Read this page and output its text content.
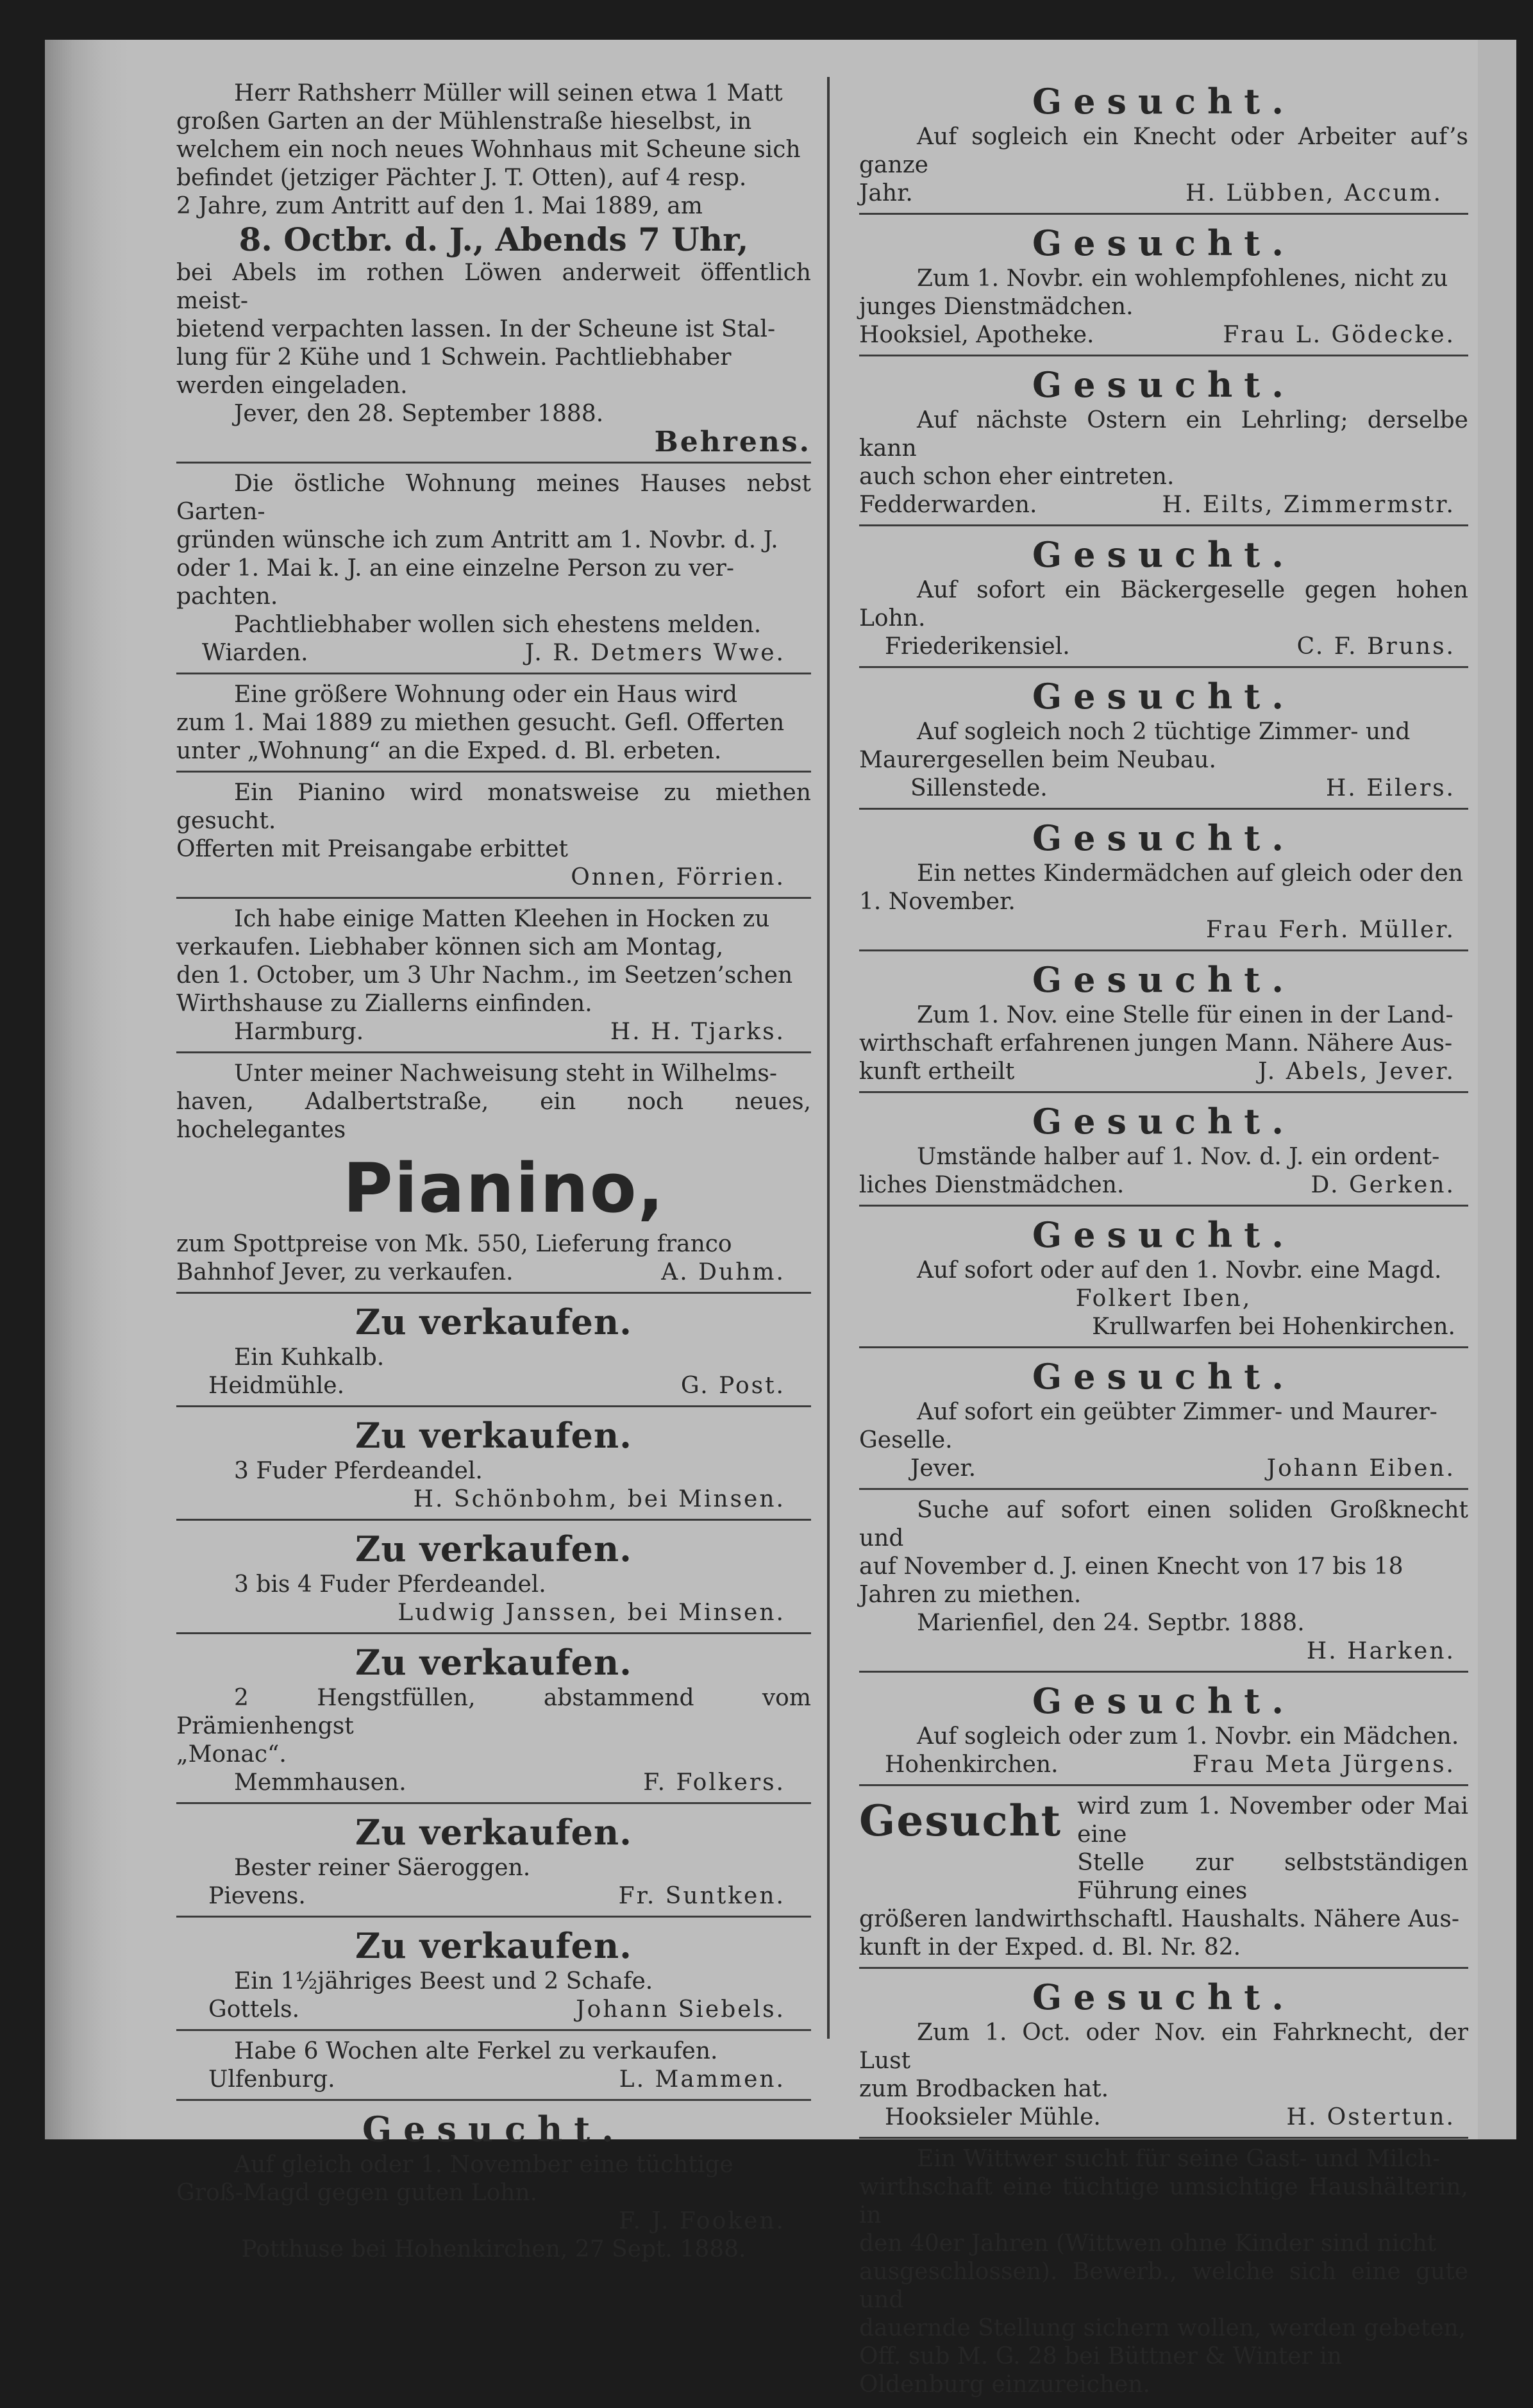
Herr Rathsherr Müller will seinen etwa 1 Matt

großen Garten an der Mühlenstraße hieselbst, in

welchem ein noch neues Wohnhaus mit Scheune sich

befindet (jetziger Pächter J. T. Otten), auf 4 resp.

2 Jahre, zum Antritt auf den 1. Mai 1889, am

8. Octbr. d. J., Abends 7 Uhr,

bei Abels im rothen Löwen anderweit öffentlich meist-

bietend verpachten lassen. In der Scheune ist Stal-

lung für 2 Kühe und 1 Schwein. Pachtliebhaber

werden eingeladen.

Jever, den 28. September 1888.

Behrens.

Die östliche Wohnung meines Hauses nebst Garten-

gründen wünsche ich zum Antritt am 1. Novbr. d. J.

oder 1. Mai k. J. an eine einzelne Person zu ver-

pachten.

Pachtliebhaber wollen sich ehestens melden.

Wiarden.	J. R. Detmers Wwe.

Eine größere Wohnung oder ein Haus wird

zum 1. Mai 1889 zu miethen gesucht. Gefl. Offerten

unter „Wohnung“ an die Exped. d. Bl. erbeten.

Ein Pianino wird monatsweise zu miethen gesucht.

Offerten mit Preisangabe erbittet

Onnen, Förrien.

Ich habe einige Matten Kleehen in Hocken zu

verkaufen. Liebhaber können sich am Montag,

den 1. October, um 3 Uhr Nachm., im Seetzen’schen

Wirthshause zu Ziallerns einfinden.

Harmburg.	H. H. Tjarks.

Unter meiner Nachweisung steht in Wilhelms-

haven, Adalbertstraße, ein noch neues, hochelegantes

Pianino,

zum Spottpreise von Mk. 550, Lieferung franco

Bahnhof Jever, zu verkaufen.	A. Duhm.
Zu verkaufen.

Ein Kuhkalb.

Heidmühle.	G. Post.
Zu verkaufen.

3 Fuder Pferdeandel.

H. Schönbohm, bei Minsen.
Zu verkaufen.

3 bis 4 Fuder Pferdeandel.

Ludwig Janssen, bei Minsen.
Zu verkaufen.

2 Hengstfüllen, abstammend vom Prämienhengst

„Monac“.

Memmhausen.	F. Folkers.
Zu verkaufen.

Bester reiner Säeroggen.

Pievens.	Fr. Suntken.
Zu verkaufen.

Ein 1½jähriges Beest und 2 Schafe.

Gottels.	Johann Siebels.

Habe 6 Wochen alte Ferkel zu verkaufen.

Ulfenburg.	L. Mammen.
Gesucht.

Auf gleich oder 1. November eine tüchtige

Groß-Magd gegen guten Lohn.

F. J. Fooken.
Potthuse bei Hohenkirchen, 27 Sept. 1888.
Gesucht.

Auf sogleich ein Knecht oder Arbeiter auf’s ganze

Jahr.	H. Lübben, Accum.
Gesucht.

Zum 1. Novbr. ein wohlempfohlenes, nicht zu

junges Dienstmädchen.

Hooksiel, Apotheke.	Frau L. Gödecke.
Gesucht.

Auf nächste Ostern ein Lehrling; derselbe kann

auch schon eher eintreten.

Fedderwarden.	H. Eilts, Zimmermstr.
Gesucht.

Auf sofort ein Bäckergeselle gegen hohen Lohn.

Friederikensiel.	C. F. Bruns.
Gesucht.

Auf sogleich noch 2 tüchtige Zimmer- und

Maurergesellen beim Neubau.

Sillenstede.	H. Eilers.
Gesucht.

Ein nettes Kindermädchen auf gleich oder den

1. November.

Frau Ferh. Müller.
Gesucht.

Zum 1. Nov. eine Stelle für einen in der Land-

wirthschaft erfahrenen jungen Mann. Nähere Aus-

kunft ertheilt	J. Abels, Jever.
Gesucht.

Umstände halber auf 1. Nov. d. J. ein ordent-

liches Dienstmädchen.	D. Gerken.
Gesucht.

Auf sofort oder auf den 1. Novbr. eine Magd.

Folkert Iben,
Krullwarfen bei Hohenkirchen.
Gesucht.

Auf sofort ein geübter Zimmer- und Maurer-

Geselle.

Jever.	Johann Eiben.

Suche auf sofort einen soliden Großknecht und

auf November d. J. einen Knecht von 17 bis 18

Jahren zu miethen.

Marienfiel, den 24. Septbr. 1888.

H. Harken.
Gesucht.

Auf sogleich oder zum 1. Novbr. ein Mädchen.

Hohenkirchen.	Frau Meta Jürgens.
Gesucht wird zum 1. November oder Mai eine

Stelle zur selbstständigen Führung eines

größeren landwirthschaftl. Haushalts. Nähere Aus-

kunft in der Exped. d. Bl. Nr. 82.

Gesucht.

Zum 1. Oct. oder Nov. ein Fahrknecht, der Lust

zum Brodbacken hat.

Hooksieler Mühle.	H. Ostertun.

Ein Wittwer sucht für seine Gast- und Milch-

wirthschaft eine tüchtige umsichtige Haushälterin, in

den 40er Jahren (Wittwen ohne Kinder sind nicht

ausgeschlossen). Bewerb., welche sich eine gute und

dauernde Stellung sichern wollen, werden gebeten,

Off. sub M. G. 28 bei Büttner & Winter in

Oldenburg einzureichen.
